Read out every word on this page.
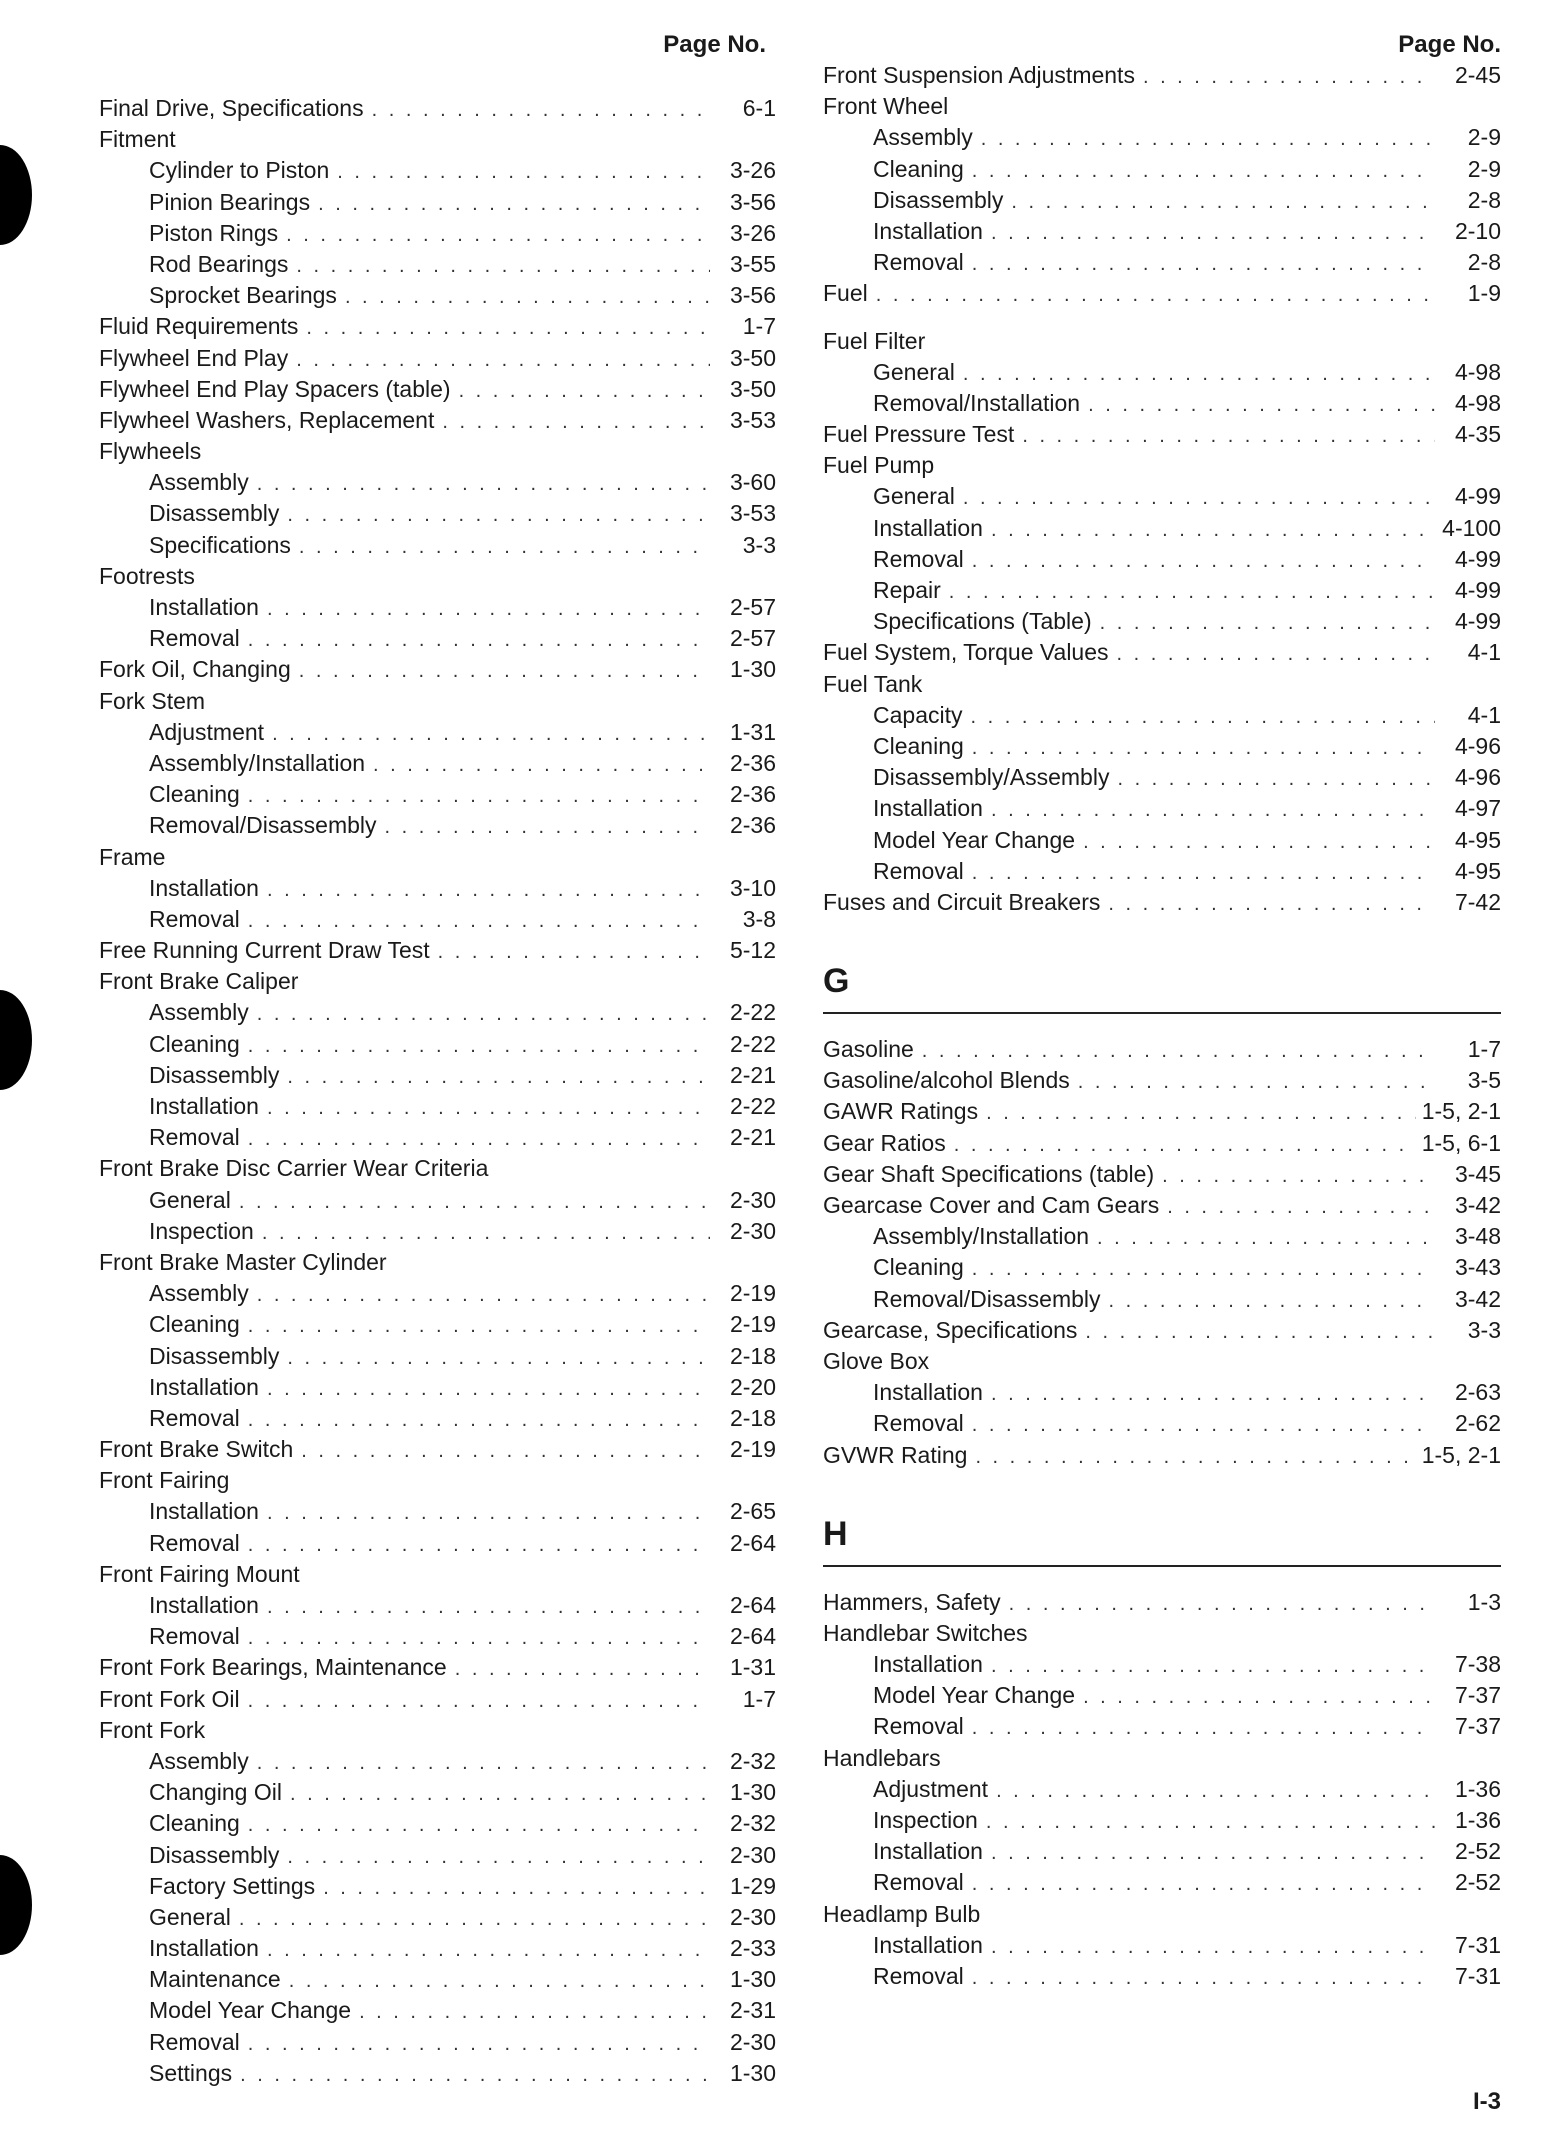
Page No.
Final Drive, Specifications . . .	6-1
Fitment
Cylinder to Piston . . .	3-26
Pinion Bearings . . .	3-56
Piston Rings . . .	3-26
Rod Bearings . . .	3-55
Sprocket Bearings . . .	3-56
Fluid Requirements . . .	1-7
Flywheel End Play . . .	3-50
Flywheel End Play Spacers (table) . . .	3-50
Flywheel Washers, Replacement . . .	3-53
Flywheels
Assembly . . .	3-60
Disassembly . . .	3-53
Specifications . . .	3-3
Footrests
Installation . . .	2-57
Removal . . .	2-57
Fork Oil, Changing . . .	1-30
Fork Stem
Adjustment . . .	1-31
Assembly/Installation . . .	2-36
Cleaning . . .	2-36
Removal/Disassembly . . .	2-36
Frame
Installation . . .	3-10
Removal . . .	3-8
Free Running Current Draw Test . . .	5-12
Front Brake Caliper
Assembly . . .	2-22
Cleaning . . .	2-22
Disassembly . . .	2-21
Installation . . .	2-22
Removal . . .	2-21
Front Brake Disc Carrier Wear Criteria
General . . .	2-30
Inspection . . .	2-30
Front Brake Master Cylinder
Assembly . . .	2-19
Cleaning . . .	2-19
Disassembly . . .	2-18
Installation . . .	2-20
Removal . . .	2-18
Front Brake Switch . . .	2-19
Front Fairing
Installation . . .	2-65
Removal . . .	2-64
Front Fairing Mount
Installation . . .	2-64
Removal . . .	2-64
Front Fork Bearings, Maintenance . . .	1-31
Front Fork Oil . . .	1-7
Front Fork
Assembly . . .	2-32
Changing Oil . . .	1-30
Cleaning . . .	2-32
Disassembly . . .	2-30
Factory Settings . . .	1-29
General . . .	2-30
Installation . . .	2-33
Maintenance . . .	1-30
Model Year Change . . .	2-31
Removal . . .	2-30
Settings . . .	1-30
Page No.
Front Suspension Adjustments . . .	2-45
Front Wheel
Assembly . . .	2-9
Cleaning . . .	2-9
Disassembly . . .	2-8
Installation . . .	2-10
Removal . . .	2-8
Fuel . . .	1-9
Fuel Filter
General . . .	4-98
Removal/Installation . . .	4-98
Fuel Pressure Test . . .	4-35
Fuel Pump
General . . .	4-99
Installation . . .	4-100
Removal . . .	4-99
Repair . . .	4-99
Specifications (Table) . . .	4-99
Fuel System, Torque Values . . .	4-1
Fuel Tank
Capacity . . .	4-1
Cleaning . . .	4-96
Disassembly/Assembly . . .	4-96
Installation . . .	4-97
Model Year Change . . .	4-95
Removal . . .	4-95
Fuses and Circuit Breakers . . .	7-42
G
Gasoline . . .	1-7
Gasoline/alcohol Blends . . .	3-5
GAWR Ratings . . .	1-5, 2-1
Gear Ratios . . .	1-5, 6-1
Gear Shaft Specifications (table) . . .	3-45
Gearcase Cover and Cam Gears . . .	3-42
Assembly/Installation . . .	3-48
Cleaning . . .	3-43
Removal/Disassembly . . .	3-42
Gearcase, Specifications . . .	3-3
Glove Box
Installation . . .	2-63
Removal . . .	2-62
GVWR Rating . . .	1-5, 2-1
H
Hammers, Safety . . .	1-3
Handlebar Switches
Installation . . .	7-38
Model Year Change . . .	7-37
Removal . . .	7-37
Handlebars
Adjustment . . .	1-36
Inspection . . .	1-36
Installation . . .	2-52
Removal . . .	2-52
Headlamp Bulb
Installation . . .	7-31
Removal . . .	7-31
I-3
